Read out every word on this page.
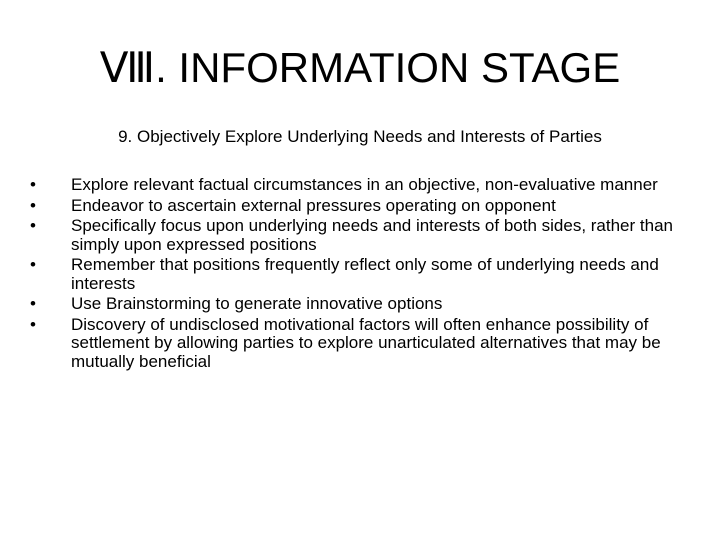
Ⅷ. INFORMATION STAGE
9. Objectively Explore Underlying Needs and Interests of Parties
•	Explore relevant factual circumstances in an objective, non-evaluative manner
•	Endeavor to ascertain external pressures operating on opponent
•	Specifically focus upon underlying needs and interests of both sides, rather than simply upon expressed positions
•	Remember that positions frequently reflect only some of underlying needs and interests
•	Use Brainstorming to generate innovative options
•	Discovery of undisclosed motivational factors will often enhance possibility of settlement by allowing parties to explore unarticulated alternatives that may be mutually beneficial
